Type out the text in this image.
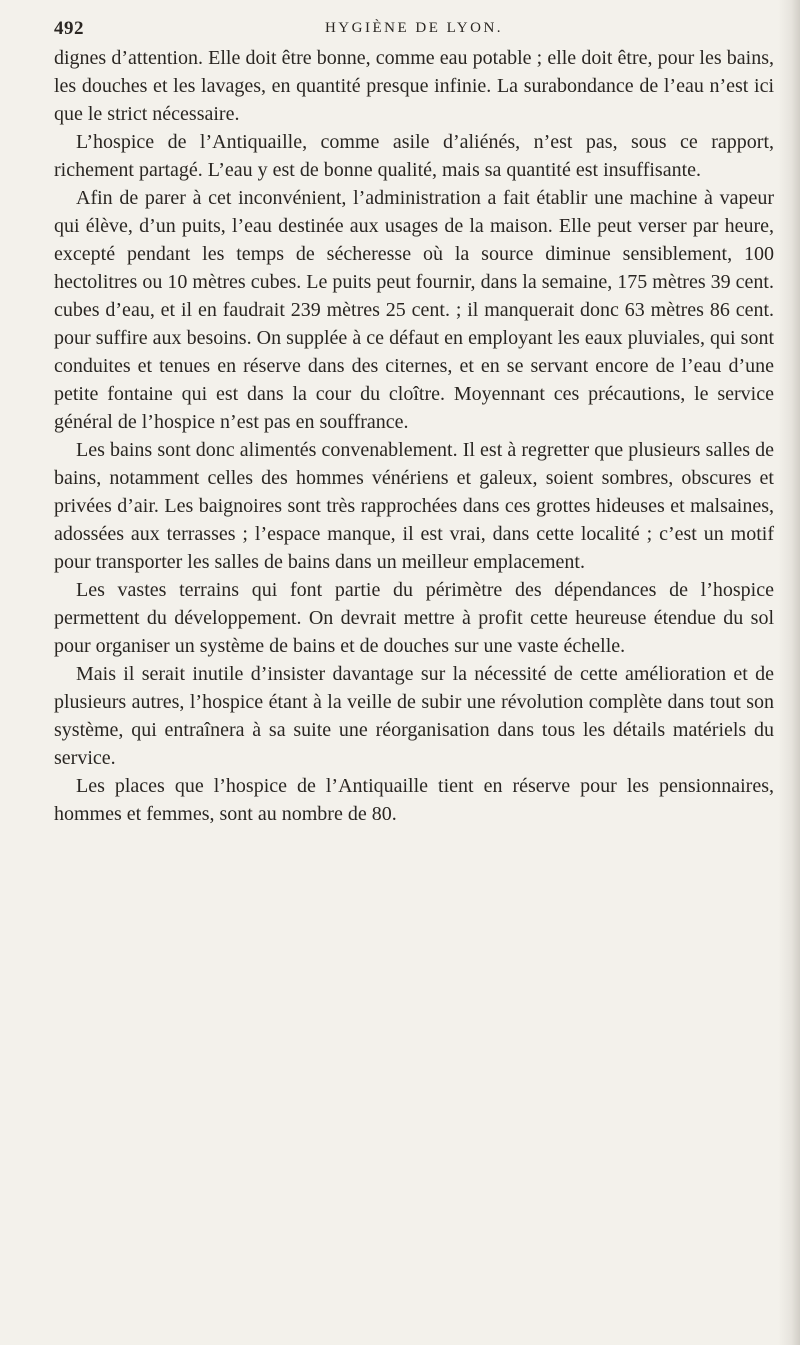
492	HYGIÈNE DE LYON.

dignes d’attention. Elle doit être bonne, comme eau potable ; elle doit être, pour les bains, les douches et les lavages, en quantité presque infinie. La surabondance de l’eau n’est ici que le strict nécessaire.

L’hospice de l’Antiquaille, comme asile d’aliénés, n’est pas, sous ce rapport, richement partagé. L’eau y est de bonne qualité, mais sa quantité est insuffisante.

Afin de parer à cet inconvénient, l’administration a fait établir une machine à vapeur qui élève, d’un puits, l’eau destinée aux usages de la maison. Elle peut verser par heure, excepté pendant les temps de sécheresse où la source diminue sensiblement, 100 hectolitres ou 10 mètres cubes. Le puits peut fournir, dans la semaine, 175 mètres 39 cent. cubes d’eau, et il en faudrait 239 mètres 25 cent. ; il manquerait donc 63 mètres 86 cent. pour suffire aux besoins. On supplée à ce défaut en employant les eaux pluviales, qui sont conduites et tenues en réserve dans des citernes, et en se servant encore de l’eau d’une petite fontaine qui est dans la cour du cloître. Moyennant ces précautions, le service général de l’hospice n’est pas en souffrance.

Les bains sont donc alimentés convenablement. Il est à regretter que plusieurs salles de bains, notamment celles des hommes vénériens et galeux, soient sombres, obscures et privées d’air. Les baignoires sont très rapprochées dans ces grottes hideuses et malsaines, adossées aux terrasses ; l’espace manque, il est vrai, dans cette localité ; c’est un motif pour transporter les salles de bains dans un meilleur emplacement.

Les vastes terrains qui font partie du périmètre des dépendances de l’hospice permettent du développement. On devrait mettre à profit cette heureuse étendue du sol pour organiser un système de bains et de douches sur une vaste échelle.

Mais il serait inutile d’insister davantage sur la nécessité de cette amélioration et de plusieurs autres, l’hospice étant à la veille de subir une révolution complète dans tout son système, qui entraînera à sa suite une réorganisation dans tous les détails matériels du service.

Les places que l’hospice de l’Antiquaille tient en réserve pour les pensionnaires, hommes et femmes, sont au nombre de 80.
